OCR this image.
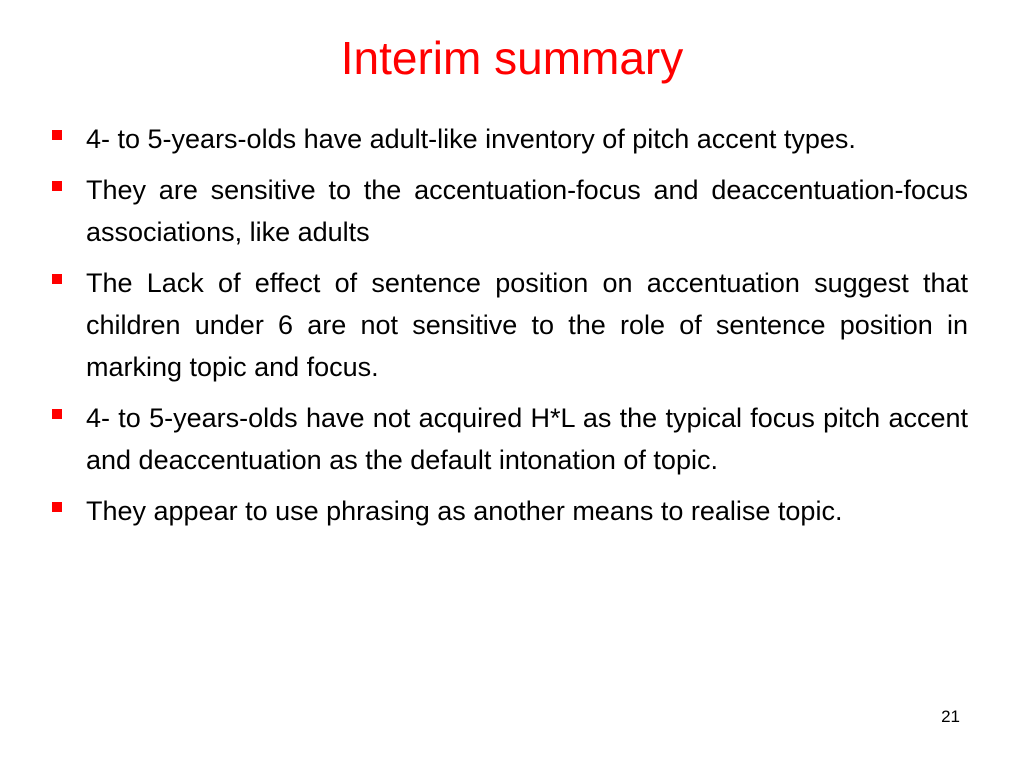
Interim summary
4- to 5-years-olds have adult-like inventory of pitch accent types.
They are sensitive to the accentuation-focus and deaccentuation-focus associations, like adults
The Lack of effect of sentence position on accentuation suggest that children under 6 are not sensitive to the role of sentence position in marking topic and focus.
4- to 5-years-olds have not acquired H*L as the typical focus pitch accent and deaccentuation as the default intonation of topic.
They appear to use phrasing as another means to realise topic.
21
